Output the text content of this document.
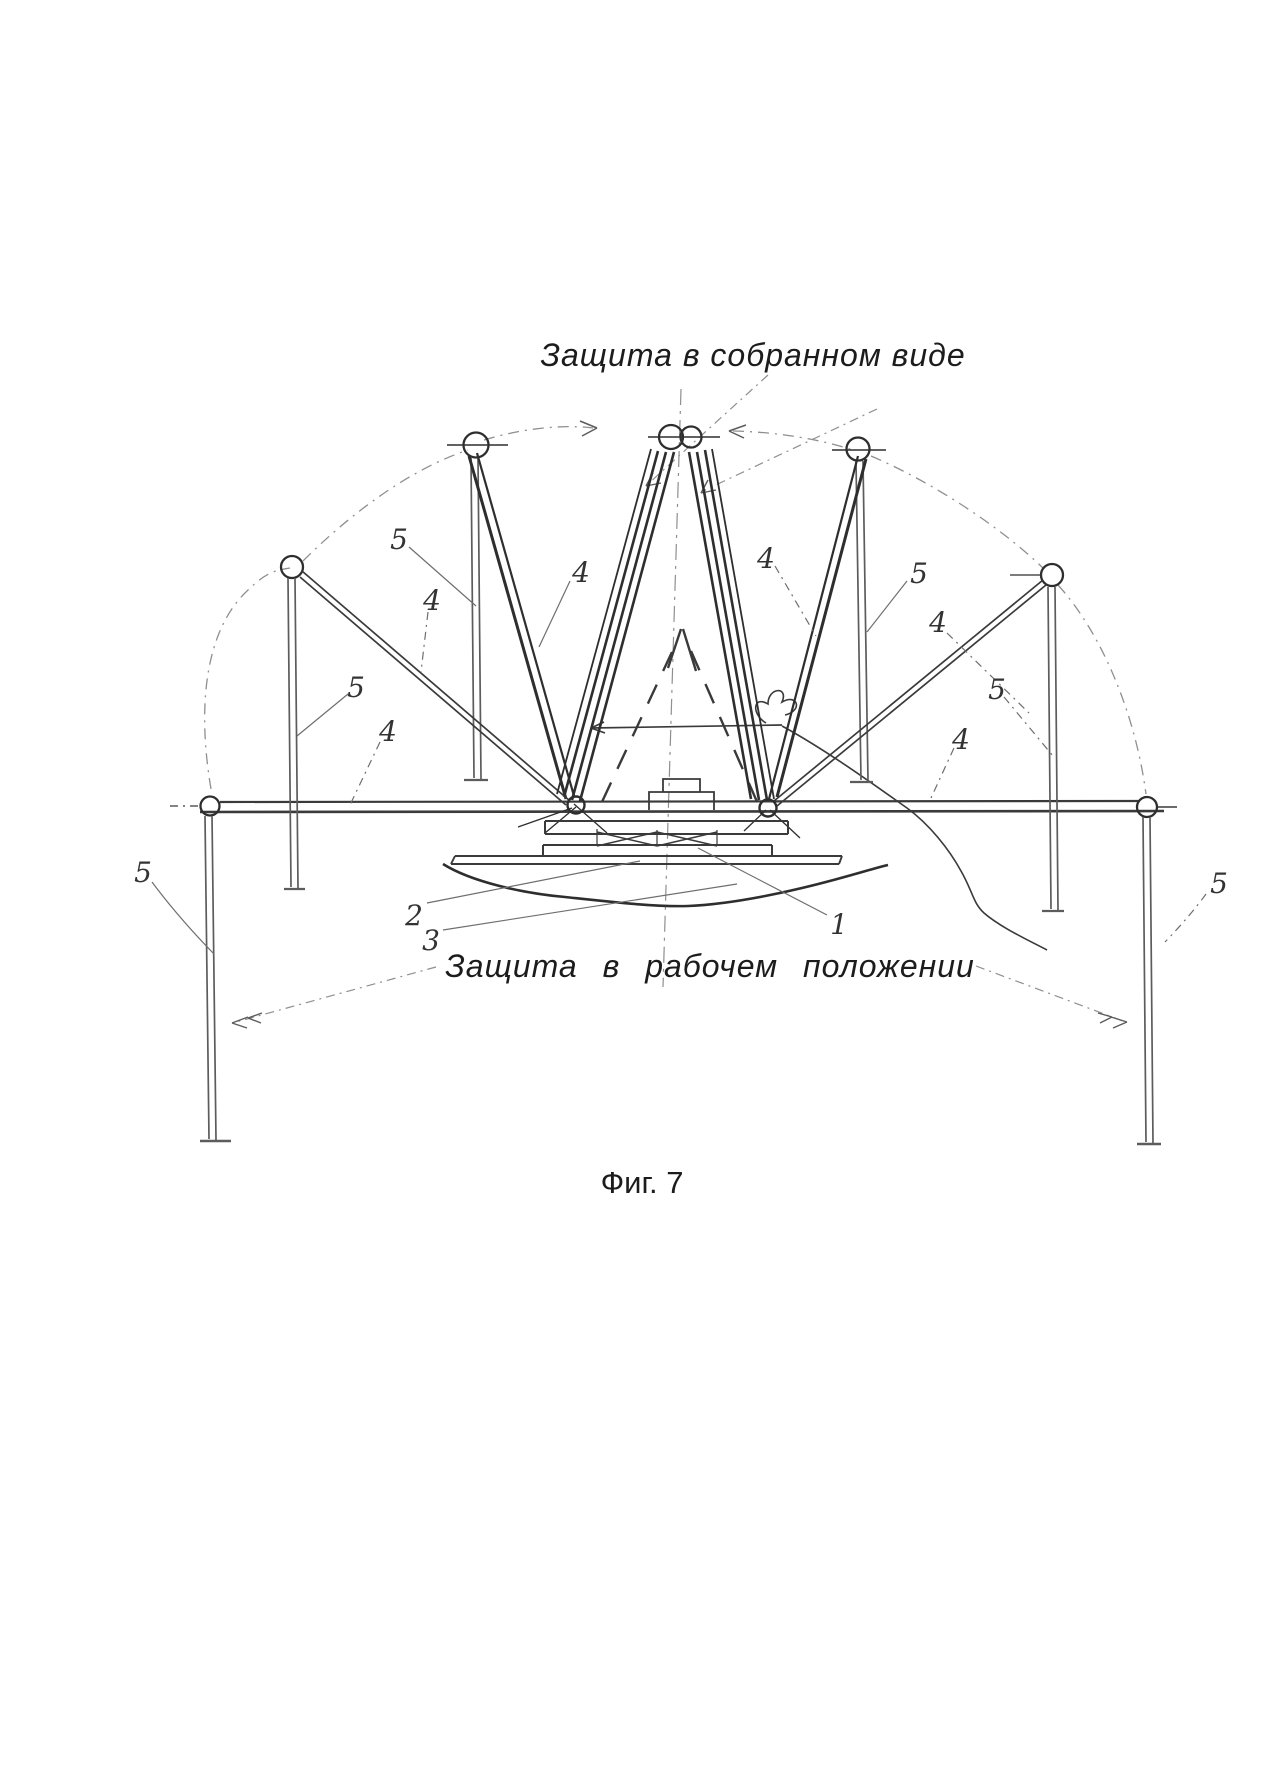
5
4
4
5
4
5
4	5
4
5
4
5
2
3	1
Защита в собранном виде
Защита в рабочем положении
Фиг. 7
